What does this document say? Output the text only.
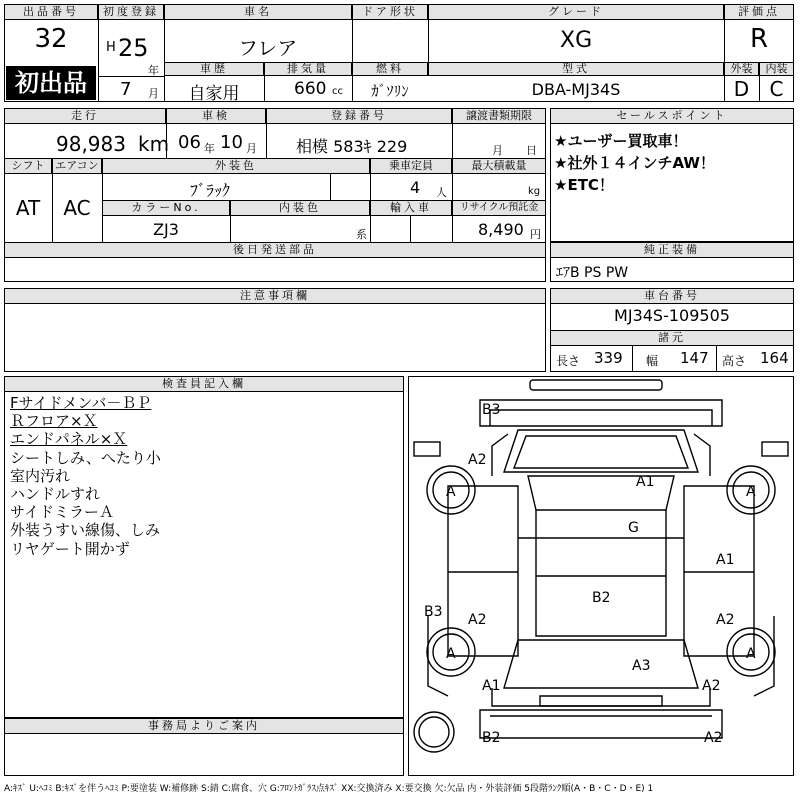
出品番号
32
初出品
初度登録
H 25
年
7 月
車名
フレア
ドア形状	グレード
XG
評価点
R
車歴
自家用
排気量
660 cc
燃料
ｶﾞｿﾘﾝ
型式
DBA-MJ34S
外装	内装
D	C
走行
98,983 km
車検
06 年 10 月
登録番号
相模 583ｷ 229
譲渡書類期限
月 日
シフト
AT
エアコン
AC
外装色
ﾌﾞﾗｯｸ
乗車定員
4 人
最大積載量
kg
カラーNo.
ZJ3
内装色
系
輸入車	リサイクル預託金
8,490 円
後日発送部品
セールスポイント
★ユーザー買取車！
★社外１４インチAW！
★ETC！
純正装備
ｴｱB PS PW
注意事項欄	車台番号
MJ34S-109505
諸元
長さ 339 幅 147 高さ 164
検査員記入欄
Fサイドメンバ－ＢＰ
Ｒフロア×Ｘ
エンドパネル×Ｘ
シートしみ、へたり小
室内汚れ
ハンドルすれ
サイドミラーＡ
外装うすい線傷、しみ
リヤゲート開かず
事務局よりご案内
B3
A2
A1
G
A	A
A1
B2
B3 A2	A2
A	A
A3
A1	A2
B2	A2
A:ｷｽﾞ U:ﾍｺﾐ B:ｷｽﾞを伴うﾍｺﾐ P:要塗装 W:補修跡 S:錆 C:腐食、穴 G:ﾌﾛﾝﾄｶﾞﾗｽ点ｷｽﾞ XX:交換済み X:要交換 欠:欠品 内・外装評価 5段階ﾗﾝｸ順(A・B・C・D・E) 1
